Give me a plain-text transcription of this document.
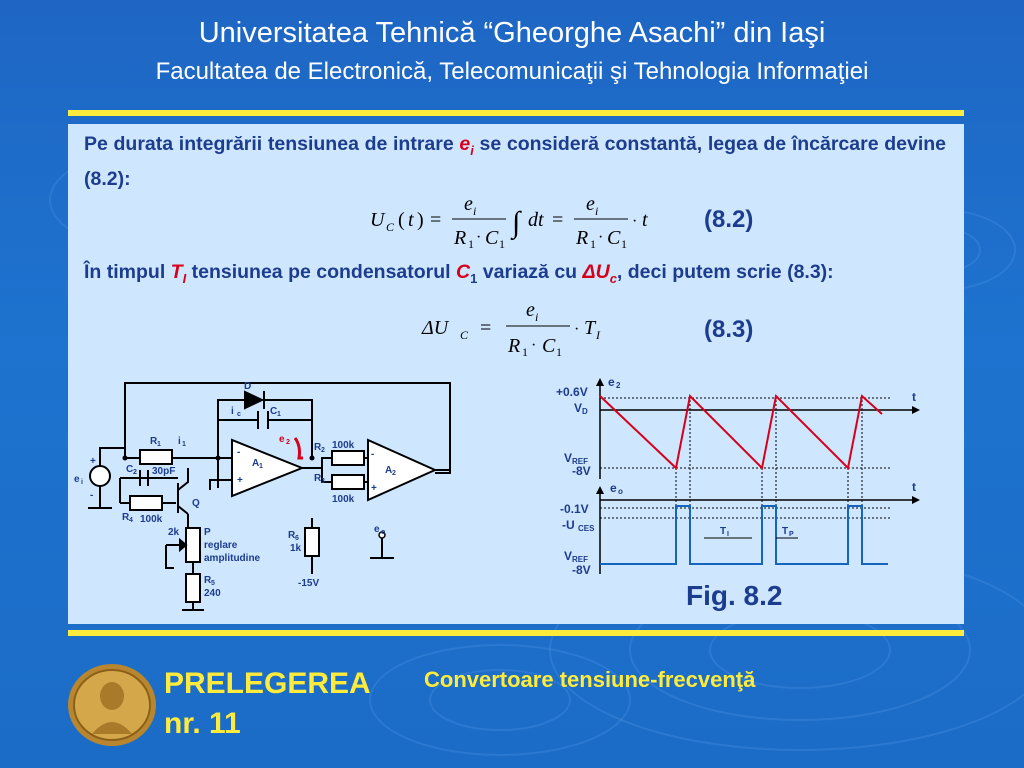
Universitatea Tehnică “Gheorghe Asachi” din Iaşi
Facultatea de Electronică, Telecomunicaţii şi Tehnologia Informaţiei
Pe durata integrării tensiunea de intrare $e_i$ se consideră constantă, legea de încărcare devine (8.2):
U C ( t ) =
e i
R 1 · C 1
∫ dt =
e i
R 1 · C 1
· t (8.2)
În timpul $T_I$ tensiunea pe condensatorul $C_1$ variază cu $\Delta U_c$, deci putem scrie (8.3):
ΔU C =
e i
R 1 · C 1
· T I	(8.3)
D
i c	C 1
R 1 i 1	e 2 R 2 100k
R 3
100k
A 1	A 2
-
+
-
+
C 2 30pF
e i
+
-
Q
R 4 100k
2k P
reglare
amplitudine
R 5
240
R 6
1k
e o
-15V
e 2
t
+0.6V
V D
V REF
-8V
e o	t
-0.1V
-U CES
V REF
-8V
T I	T P
Fig. 8.2
PRELEGEREA
nr. 11
Convertoare tensiune-frecvenţă
